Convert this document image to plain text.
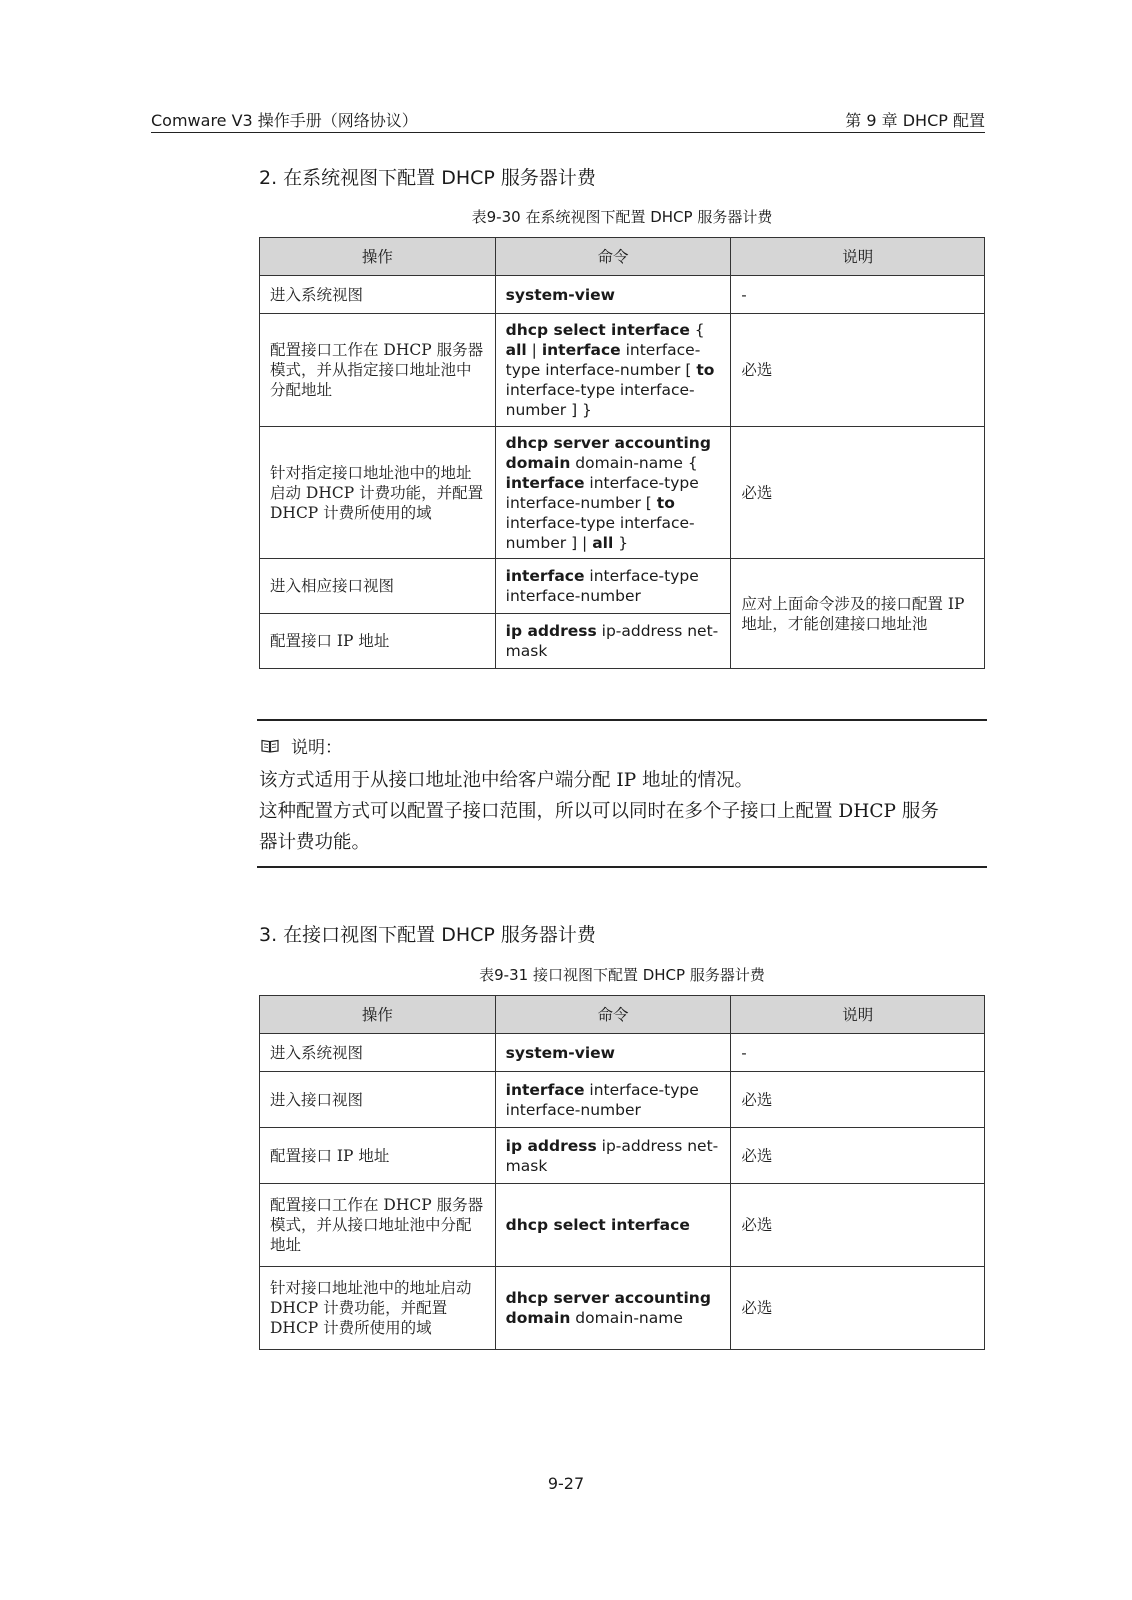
Comware V3 操作手册（网络协议）	第 9 章 DHCP 配置
2. 在系统视图下配置 DHCP 服务器计费
表9-30 在系统视图下配置 DHCP 服务器计费
操作	命令	说明
进入系统视图	system-view	-
配置接口工作在 DHCP 服务器模式，并从指定接口地址池中分配地址	dhcp select interface { all | interface interface-type interface-number [ to interface-type interface-number ] }	必选
针对指定接口地址池中的地址启动 DHCP 计费功能，并配置 DHCP 计费所使用的域	dhcp server accounting domain domain-name { interface interface-type interface-number [ to interface-type interface-number ] | all }	必选
进入相应接口视图	interface interface-type interface-number	应对上面命令涉及的接口配置 IP 地址，才能创建接口地址池
配置接口 IP 地址	ip address ip-address net-mask	
说明：
该方式适用于从接口地址池中给客户端分配 IP 地址的情况。
这种配置方式可以配置子接口范围，所以可以同时在多个子接口上配置 DHCP 服务
器计费功能。
3. 在接口视图下配置 DHCP 服务器计费
表9-31 接口视图下配置 DHCP 服务器计费
操作	命令	说明
进入系统视图	system-view	-
进入接口视图	interface interface-type interface-number	必选
配置接口 IP 地址	ip address ip-address net-mask	必选
配置接口工作在 DHCP 服务器模式，并从接口地址池中分配地址	dhcp select interface	必选
针对接口地址池中的地址启动 DHCP 计费功能，并配置 DHCP 计费所使用的域	dhcp server accounting domain domain-name	必选
9-27
